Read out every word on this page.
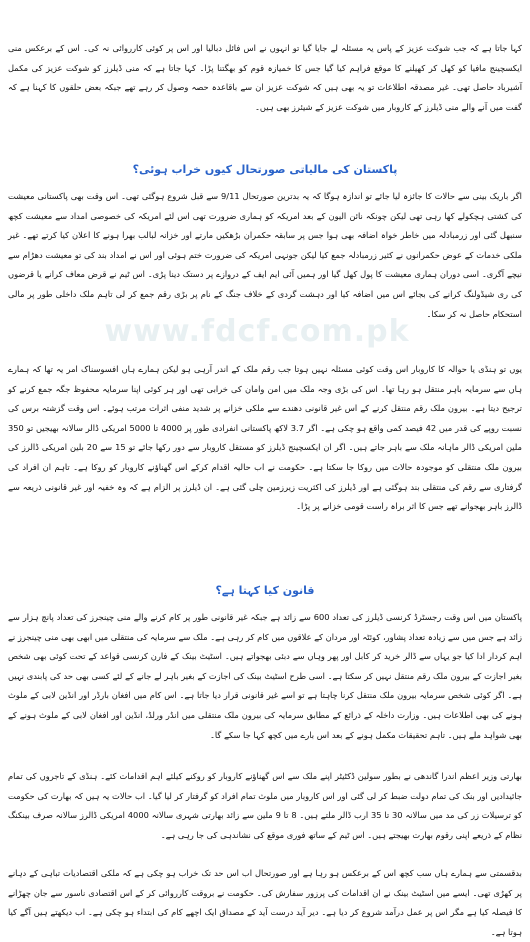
www.fdcf.com.pk

کہا جاتا ہے کہ جب شوکت عزیز کے پاس یہ مسئلہ لے جایا گیا تو انہوں نے اس فائل دبالیا اور اس پر کوئی کارروائی نہ کی۔ اس کے برعکس منی ایکسچینج مافیا کو کھل کر کھیلنے کا موقع فراہم کیا گیا جس کا خمیازہ قوم کو بھگتنا پڑا۔ کہا جاتا ہے کہ منی ڈیلرز کو شوکت عزیز کی مکمل آشیرباد حاصل تھی۔ غیر مصدقہ اطلاعات تو یہ بھی ہیں کہ شوکت عزیز ان سے باقاعدہ حصہ وصول کر رہے تھے جبکہ بعض حلقوں کا کہنا ہے کہ گفت میں آنے والے منی ڈیلرز کے کاروبار میں شوکت عزیز کے شیئرز بھی ہیں۔

پاکستان کی مالیاتی صورتحال کیوں خراب ہوئی؟

اگر باریک بینی سے حالات کا جائزہ لیا جائے تو اندازہ ہوگا کہ یہ بدترین صورتحال 9/11 سے قبل شروع ہوگئی تھی۔ اس وقت بھی پاکستانی معیشت کی کشتی ہچکولے کھا رہی تھی لیکن چونکہ نائن الیون کے بعد امریکہ کو ہماری ضرورت تھی اس لئے امریکہ کی خصوصی امداد سے معیشت کچھ سنبھل گئی اور زرمبادلہ میں خاطر خواہ اضافہ بھی ہوا جس پر سابقہ حکمران بڑھکیں مارتے اور خزانہ لبالب بھرا ہونے کا اعلان کیا کرتے تھے۔ غیر ملکی خدمات کے عوض حکمرانوں نے کثیر زرمبادلہ جمع کیا لیکن جونہی امریکہ کی ضرورت ختم ہوئی اور اس نے امداد بند کی تو معیشت دھڑام سے نیچے آگری۔ اسی دوران ہماری معیشت کا پول کھل گیا اور ہمیں آئی ایم ایف کے دروازے پر دستک دینا پڑی۔ اس ٹیم نے قرض معاف کرانے یا قرضوں کی ری شیڈولنگ کرانے کی بجائے اس میں اضافہ کیا اور دہشت گردی کے خلاف جنگ کے نام پر بڑی رقم جمع کر لی تاہم ملک داخلی طور پر مالی استحکام حاصل نہ کر سکا۔

یوں تو ہنڈی یا حوالہ کا کاروبار اس وقت کوئی مسئلہ نہیں ہوتا جب رقم ملک کے اندر آرہی ہو لیکن ہمارے ہاں افسوسناک امر یہ تھا کہ ہمارے ہاں سے سرمایہ باہر منتقل ہو رہا تھا۔ اس کی بڑی وجہ ملک میں امن وامان کی خرابی تھی اور ہر کوئی اپنا سرمایہ محفوظ جگہ جمع کرنے کو ترجیح دیتا ہے۔ بیرون ملک رقم منتقل کرنے کے اس غیر قانونی دھندے سے ملکی خزانے پر شدید منفی اثرات مرتب ہوئے۔ اس وقت گزشتہ برس کی نسبت روپے کی قدر میں 42 فیصد کمی واقع ہو چکی ہے۔ اگر 3.7 لاکھ پاکستانی انفرادی طور پر 4000 تا 5000 امریکی ڈالر سالانہ بھیجیں تو 350 ملین امریکی ڈالر ماہانہ ملک سے باہر جاتے ہیں۔ اگر ان ایکسچینج ڈیلرز کو مستقل کاروبار سے دور رکھا جائے تو 15 سے 20 بلین امریکی ڈالرز کی بیرون ملک منتقلی کو موجودہ حالات میں روکا جا سکتا ہے۔ حکومت نے اب حالیہ اقدام کرکے اس گھناؤنے کاروبار کو روکا ہے۔ تاہم ان افراد کی گرفتاری سے رقم کی منتقلی بند ہوگئی ہے اور ڈیلرز کی اکثریت زیرزمین چلی گئی ہے۔ ان ڈیلرز پر الزام ہے کہ وہ خفیہ اور غیر قانونی ذریعہ سے ڈالرز باہر بھجوانے تھے جس کا اثر براہ راست قومی خزانے پر پڑا۔

قانون کیا کہتا ہے؟

پاکستان میں اس وقت رجسٹرڈ کرنسی ڈیلرز کی تعداد 600 سے زائد ہے جبکہ غیر قانونی طور پر کام کرنے والے منی چینجرز کی تعداد پانچ ہزار سے زائد ہے جس میں سے زیادہ تعداد پشاور، کوئٹہ اور مردان کے علاقوں میں کام کر رہی ہے۔ ملک سے سرمایہ کی منتقلی میں ابھی بھی منی چینجرز نے اہم کردار ادا کیا جو یہاں سے ڈالر خرید کر کابل اور پھر وہاں سے دبئی بھجواتے ہیں۔ اسٹیٹ بینک کے فارن کرنسی قواعد کے تحت کوئی بھی شخص بغیر اجازت کے بیرون ملک رقم منتقل نہیں کر سکتا ہے۔ اسی طرح اسٹیٹ بینک کی اجازت کے بغیر باہر لے جانے کے لئے کسی بھی حد کی پابندی نہیں ہے۔ اگر کوئی شخص سرمایہ بیرون ملک منتقل کرنا چاہتا ہے تو اسے غیر قانونی قرار دیا جاتا ہے۔ اس کام میں افغان بارڈر اور انڈین لابی کے ملوث ہونے کی بھی اطلاعات ہیں۔ وزارت داخلہ کے ذرائع کے مطابق سرمایہ کی بیرون ملک منتقلی میں انڈر ورلڈ، انڈین اور افغان لابی کے ملوث ہونے کے بھی شواہد ملے ہیں۔ تاہم تحقیقات مکمل ہونے کے بعد اس بارے میں کچھ کہا جا سکے گا۔

بھارتی وزیر اعظم اندرا گاندھی نے بطور سولین ڈکٹیٹر اپنے ملک سے اس گھناؤنے کاروبار کو روکنے کیلئے اہم اقدامات کئے۔ ہنڈی کے تاجروں کی تمام جائیدادیں اور بنک کی تمام دولت ضبط کر لی گئی اور اس کاروبار میں ملوث تمام افراد کو گرفتار کر لیا گیا۔ اب حالات یہ ہیں کہ بھارت کی حکومت کو ترسیلات زر کی مد میں سالانہ 30 تا 35 ارب ڈالر ملتے ہیں۔ 8 تا 9 ملین سے زائد بھارتی شہری سالانہ 4000 امریکی ڈالرز سالانہ صرف بینکنگ نظام کے ذریعے اپنی رقوم بھارت بھیجتے ہیں۔ اس ٹیم کے ساتھ فوری موقع کی نشاندہی کی جا رہی ہے۔

بدقسمتی سے ہمارے ہاں سب کچھ اس کے برعکس ہو رہا ہے اور صورتحال اب اس حد تک خراب ہو چکی ہے کہ ملکی اقتصادیات تباہی کے دہانے پر کھڑی تھی۔ ایسے میں اسٹیٹ بینک نے ان اقدامات کی پرزور سفارش کی۔ حکومت نے بروقت کارروائی کر کے اس اقتصادی ناسور سے جان چھڑانے کا فیصلہ کیا ہے مگر اس پر عمل درآمد شروع کر دیا ہے۔ دیر آید درست آید کے مصداق ایک اچھے کام کی ابتداء ہو چکی ہے۔ اب دیکھتے ہیں آگے کیا ہوتا ہے۔
